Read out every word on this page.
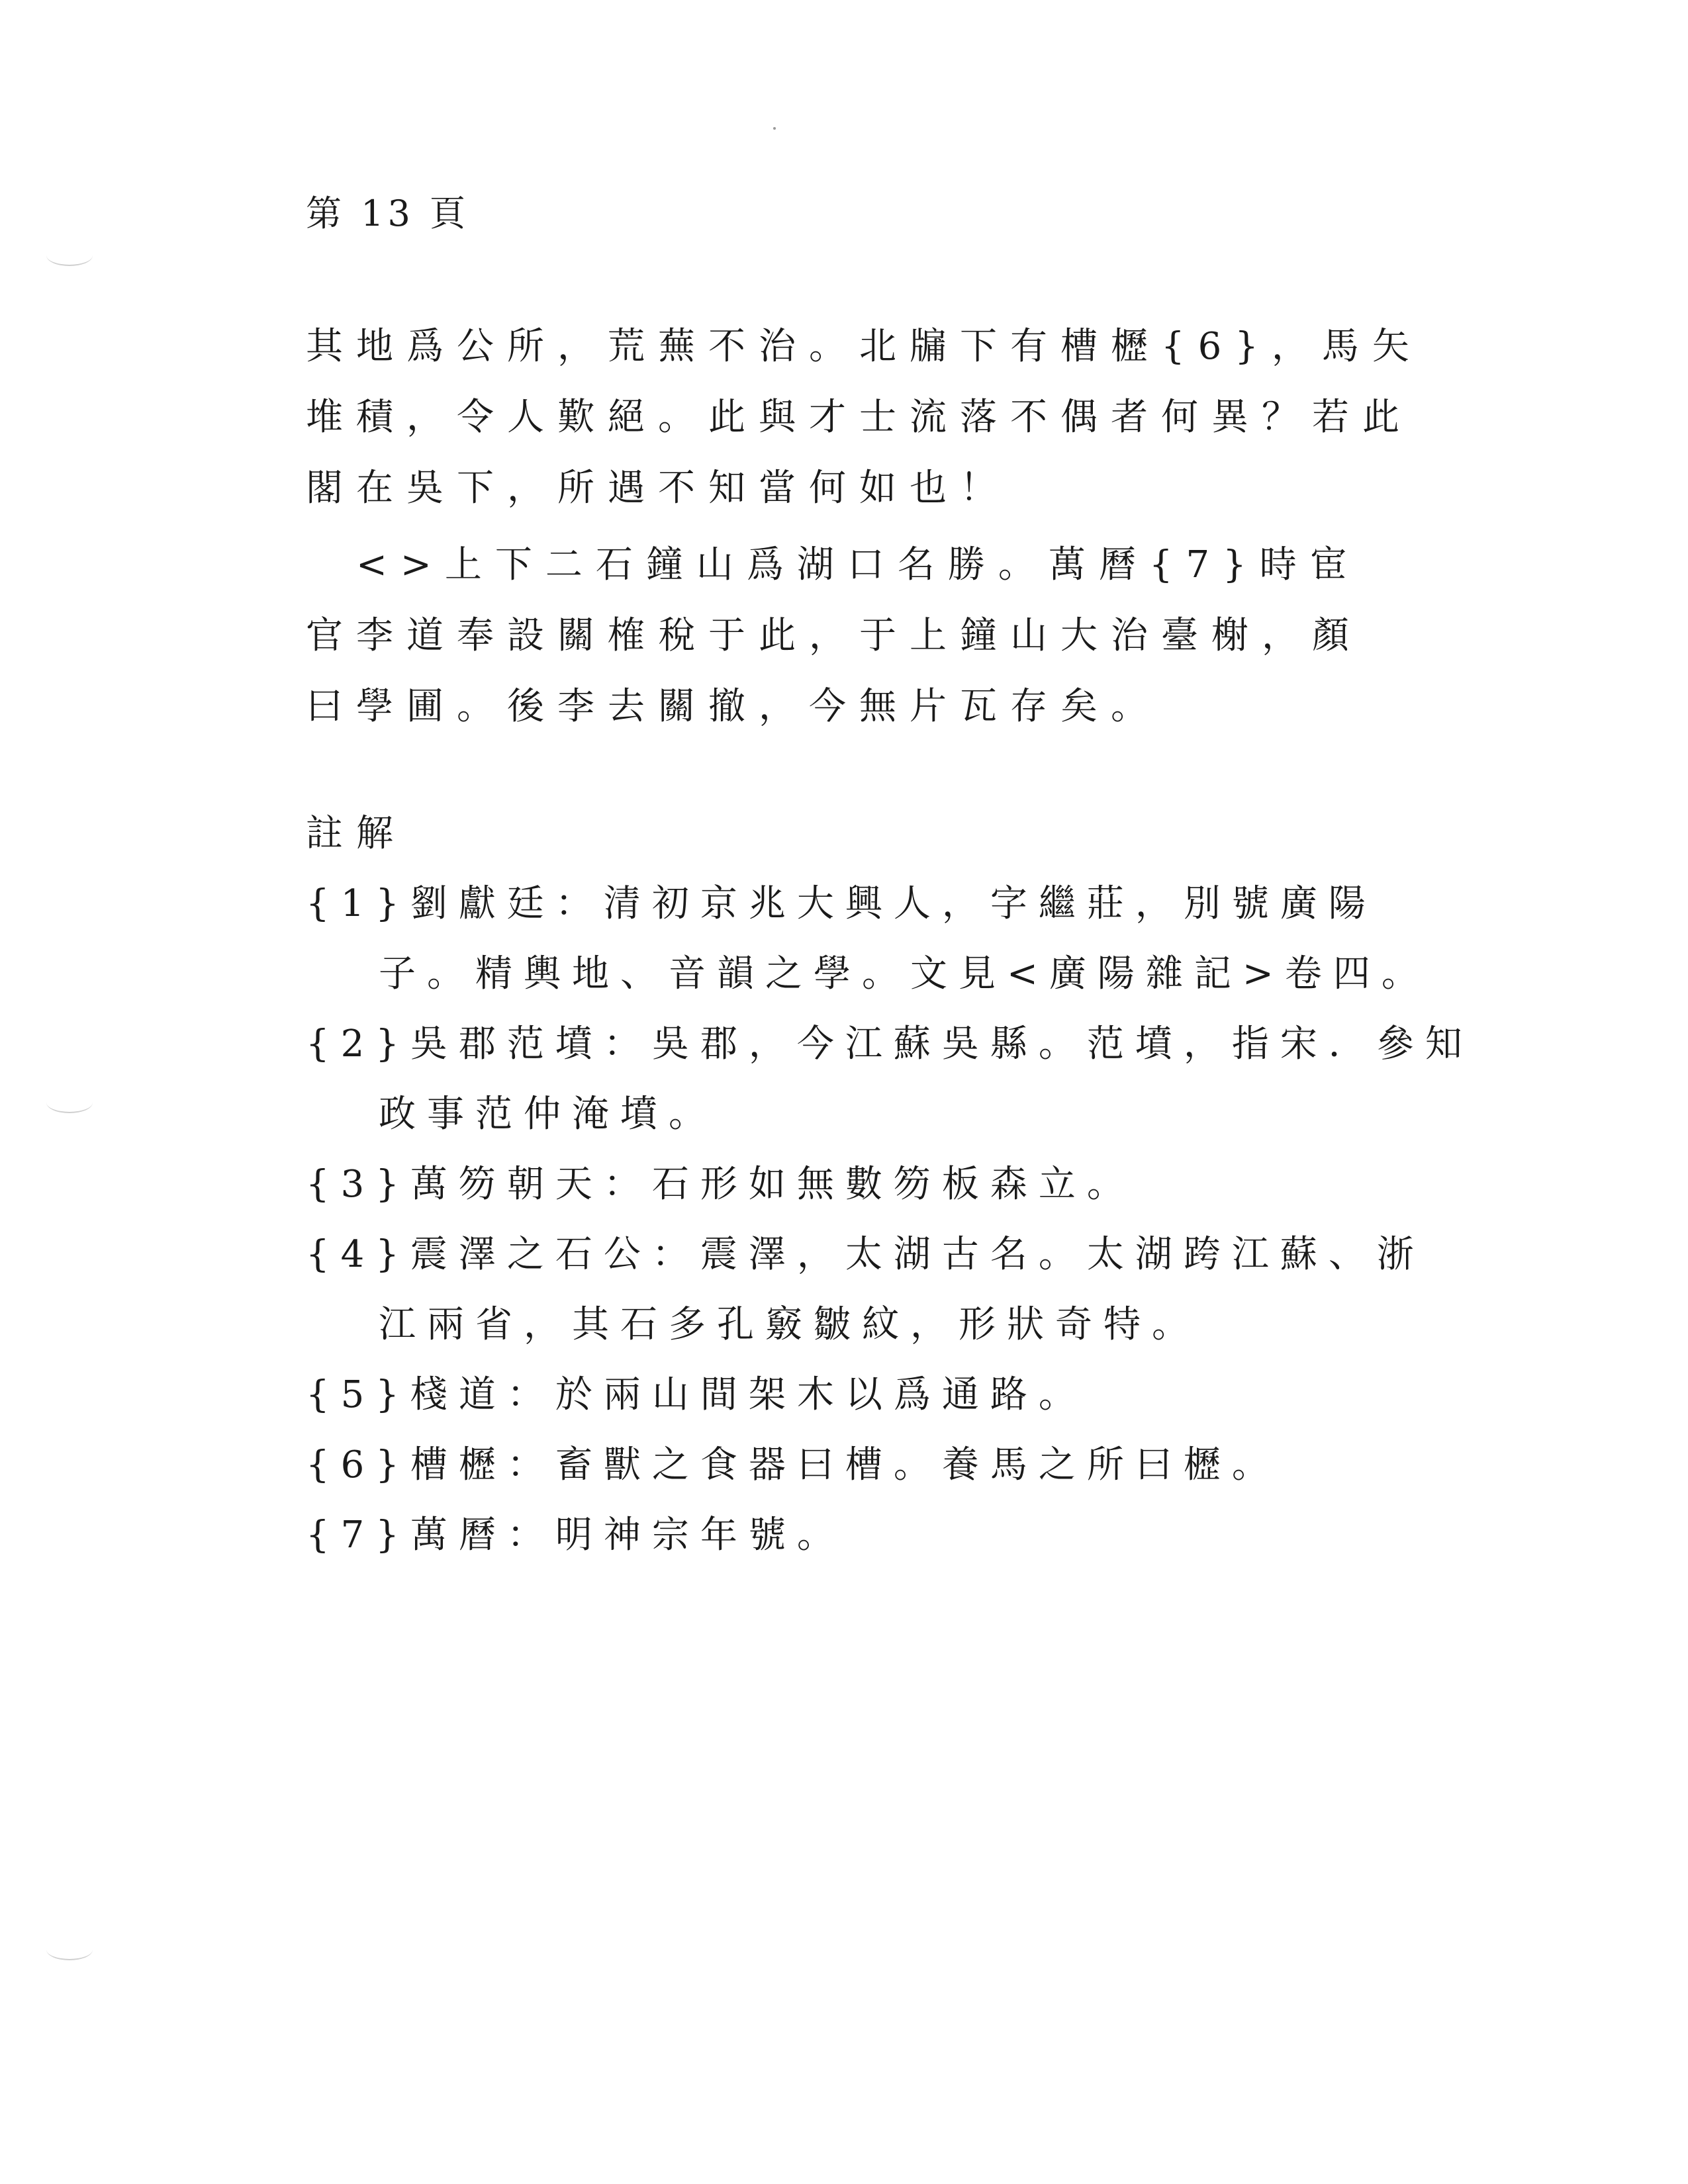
第 13 頁
其地爲公所，荒蕪不治。北牖下有槽櫪{6}，馬矢
堆積，令人歎絕。此與才士流落不偶者何異？若此
閣在吳下，所遇不知當何如也！
　<>上下二石鐘山爲湖口名勝。萬曆{7}時宦
官李道奉設關榷稅于此，于上鐘山大治臺榭，顏
曰學圃。後李去關撤，今無片瓦存矣。
註解
{1}劉獻廷：清初京兆大興人，字繼莊，別號廣陽
子。精輿地、音韻之學。文見<廣陽雜記>卷四。
{2}吳郡范墳：吳郡，今江蘇吳縣。范墳，指宋．參知
政事范仲淹墳。
{3}萬笏朝天：石形如無數笏板森立。
{4}震澤之石公：震澤，太湖古名。太湖跨江蘇、浙
江兩省，其石多孔竅皺紋，形狀奇特。
{5}棧道：於兩山間架木以爲通路。
{6}槽櫪：畜獸之食器曰槽。養馬之所曰櫪。
{7}萬曆：明神宗年號。
